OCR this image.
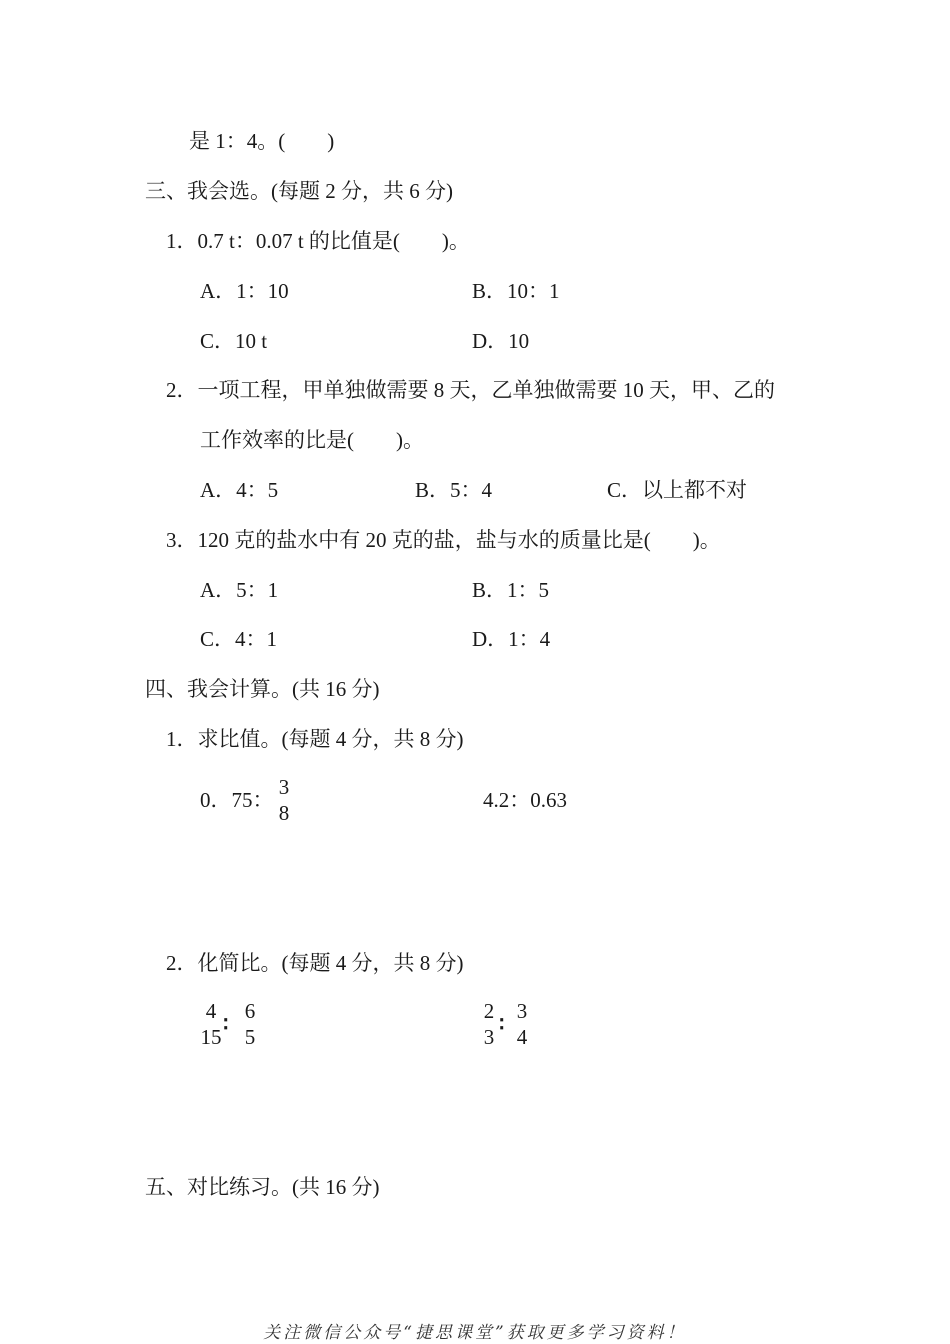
是 1：4。(        )
三、我会选。(每题 2 分，共 6 分)
1．0.7 t：0.07 t 的比值是(        )。
A．1：10	B．10：1
C．10 t	D．10
2．一项工程，甲单独做需要 8 天，乙单独做需要 10 天，甲、乙的
工作效率的比是(        )。
A．4：5	B．5：4	C．以上都不对
3．120 克的盐水中有 20 克的盐，盐与水的质量比是(        )。
A．5：1	B．1：5
C．4：1	D．1：4
四、我会计算。(共 16 分)
1．求比值。(每题 4 分，共 8 分)
0．75：
3
8
4.2：0.63
2．化简比。(每题 4 分，共 8 分)
4
15
∶
6
5
2
3
∶
3
4
五、对比练习。(共 16 分)
关注微信公众号“捷思课堂”获取更多学习资料！
